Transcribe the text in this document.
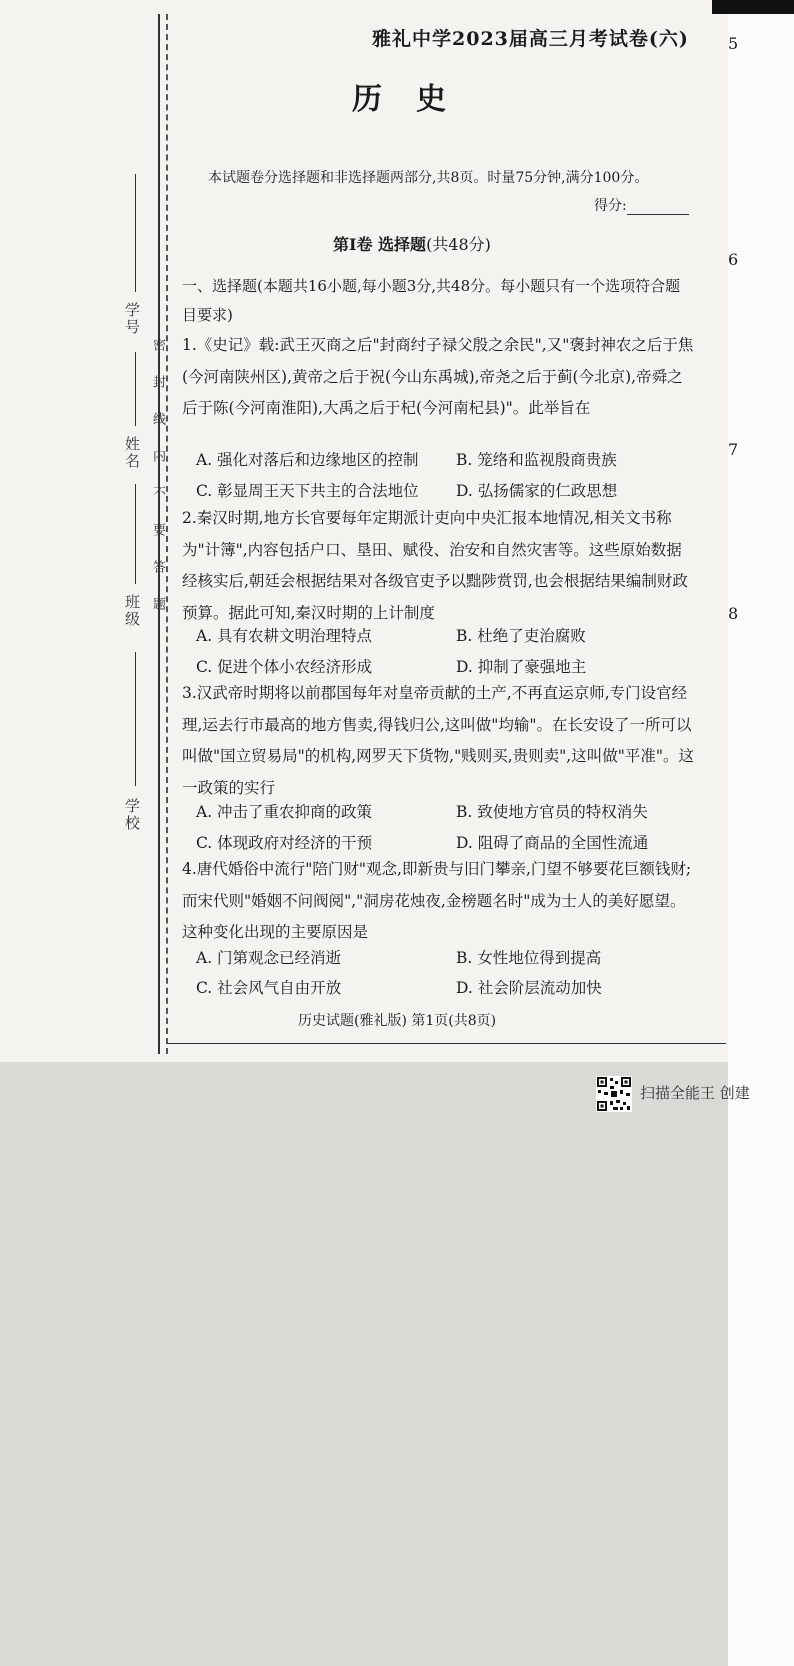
5
6
7
8
学号
姓名
班级
学校
密封线内不要答题
雅礼中学2023届高三月考试卷(六)
历史
本试题卷分选择题和非选择题两部分,共8页。时量75分钟,满分100分。
得分:
第Ⅰ卷 选择题(共48分)
一、选择题(本题共16小题,每小题3分,共48分。每小题只有一个选项符合题目要求)
1.《史记》载:武王灭商之后"封商纣子禄父殷之余民",又"褒封神农之后于焦(今河南陕州区),黄帝之后于祝(今山东禹城),帝尧之后于蓟(今北京),帝舜之后于陈(今河南淮阳),大禹之后于杞(今河南杞县)"。此举旨在
A. 强化对落后和边缘地区的控制 B. 笼络和监视殷商贵族
C. 彰显周王天下共主的合法地位 D. 弘扬儒家的仁政思想
2.秦汉时期,地方长官要每年定期派计吏向中央汇报本地情况,相关文书称为"计簿",内容包括户口、垦田、赋役、治安和自然灾害等。这些原始数据经核实后,朝廷会根据结果对各级官吏予以黜陟赏罚,也会根据结果编制财政预算。据此可知,秦汉时期的上计制度
A. 具有农耕文明治理特点	B. 杜绝了吏治腐败
C. 促进个体小农经济形成	D. 抑制了豪强地主
3.汉武帝时期将以前郡国每年对皇帝贡献的土产,不再直运京师,专门设官经理,运去行市最高的地方售卖,得钱归公,这叫做"均输"。在长安设了一所可以叫做"国立贸易局"的机构,网罗天下货物,"贱则买,贵则卖",这叫做"平准"。这一政策的实行
A. 冲击了重农抑商的政策	B. 致使地方官员的特权消失
C. 体现政府对经济的干预	D. 阻碍了商品的全国性流通
4.唐代婚俗中流行"陪门财"观念,即新贵与旧门攀亲,门望不够要花巨额钱财;而宋代则"婚姻不问阀阅","洞房花烛夜,金榜题名时"成为士人的美好愿望。这种变化出现的主要原因是
A. 门第观念已经消逝	B. 女性地位得到提高
C. 社会风气自由开放	D. 社会阶层流动加快
历史试题(雅礼版) 第1页(共8页)
扫描全能王 创建
